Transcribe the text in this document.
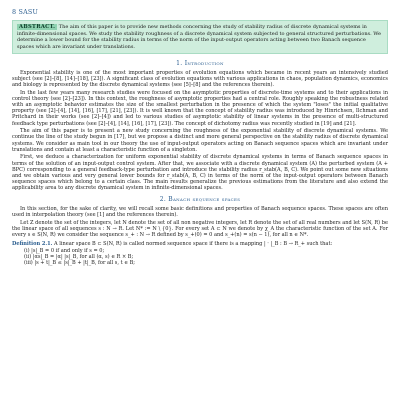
8 SASU
ABSTRACT. The aim of this paper is to provide new methods concerning the study of stability radius of discrete dynamical systems in infinite-dimensional spaces. We study the stability roughness of a discrete dynamical system subjected to general structured perturbations. We determine a lower bound for the stability radius in terms of the norm of the input-output operators acting between two Banach sequence spaces which are invariant under translations.
1. Introduction

Exponential stability is one of the most important properties of evolution equations which became in recent years an intensively studied subject (see [2]–[8], [14]–[18], [23]). A significant class of evolution equations with various applications in chaos, population dynamics, economics and biology is represented by the discrete dynamical systems (see [5]–[8] and the references therein).

In the last few years many research studies were focused on the asymptotic properties of discrete-time systems and to their applications in control theory (see [2]–[23]). In this context, the roughness of asymptotic properties had a central role. Roughly speaking the robustness related with an asymptotic behavior estimates the size of the smallest perturbation in the presence of which the system "loses" the initial qualitative property (see [2]–[4], [14], [16], [17], [21], [23]). It is well known that the concept of stability radius was introduced by Hinrichsen, Ilchman and Pritchard in their works (see [2]–[4]) and led to various studies of asymptotic stability of linear systems in the presence of multi-structured feedback type perturbations (see [2]–[4], [14], [16], [17], [23]). The concept of dichotomy radius was recently studied in [19] and [21].

The aim of this paper is to present a new study concerning the roughness of the exponential stability of discrete dynamical systems. We continue the line of the study begun in [17], but we propose a distinct and more general perspective on the stability radius of discrete dynamical systems. We consider as main tool in our theory the use of input-output operators acting on Banach sequence spaces which are invariant under translations and contain at least a characteristic function of a singleton.

First, we deduce a characterization for uniform exponential stability of discrete dynamical systems in terms of Banach sequence spaces in terms of the solution of an input-output control system. After that, we associate with a discrete dynamical system (A) the perturbed system (A + BPC) corresponding to a general feedback-type perturbation and introduce the stability radius r_stab(A, B, C). We point out some new situations and we obtain various and very general lower bounds for r_stab(A, B, C) in terms of the norm of the input-output operators between Banach sequence spaces which belong to a certain class. The main results generalize the previous estimations from the literature and also extend the applicability area to any discrete dynamical system in infinite-dimensional spaces.

2. Banach sequence spaces

In this section, for the sake of clarity, we will recall some basic definitions and properties of Banach sequence spaces. These spaces are often used in interpolation theory (see [1] and the references therein).

Let Z denote the set of the integers, let N denote the set of all non negative integers, let R denote the set of all real numbers and let S(N, R) be the linear space of all sequences s : N → R. Let N* := N \ {0}. For every set A ⊂ N we denote by χ_A the characteristic function of the set A. For every s ∈ S(N, R) we consider the sequence s_+ : N → R defined by s_+(0) = 0 and s_+(n) = s(n − 1), for all n ∈ N*.

Definition 2.1. A linear space B ⊂ S(N, R) is called normed sequence space if there is a mapping | · |_B : B → R_+ such that:
(i) |s|_B = 0 if and only if s = 0;
(ii) |αs|_B = |α| |s|_B, for all (α, s) ∈ R × B;
(iii) |s + t|_B ≤ |s|_B + |t|_B, for all s, t ∈ B;
